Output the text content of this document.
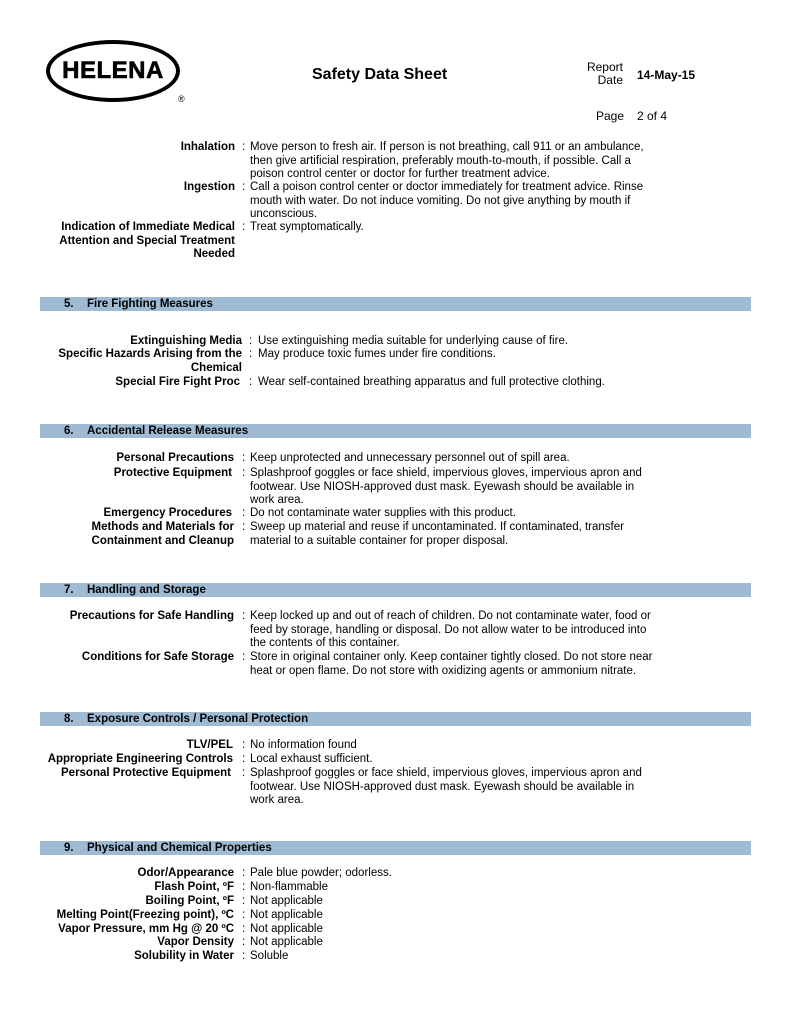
HELENA
®
Safety Data Sheet	Report
Date 14-May-15
Page 2 of 4
Inhalation : Move person to fresh air. If person is not breathing, call 911 or an ambulance,
then give artificial respiration, preferably mouth-to-mouth, if possible. Call a
poison control center or doctor for further treatment advice.
Ingestion : Call a poison control center or doctor immediately for treatment advice. Rinse
mouth with water. Do not induce vomiting. Do not give anything by mouth if
unconscious.
Indication of Immediate Medical
Attention and Special Treatment
Needed
: Treat symptomatically.
5. Fire Fighting Measures
Extinguishing Media : Use extinguishing media suitable for underlying cause of fire.
Specific Hazards Arising from the
Chemical
: May produce toxic fumes under fire conditions.
Special Fire Fight Proc : Wear self-contained breathing apparatus and full protective clothing.
6. Accidental Release Measures
Personal Precautions : Keep unprotected and unnecessary personnel out of spill area.
Protective Equipment : Splashproof goggles or face shield, impervious gloves, impervious apron and
footwear. Use NIOSH-approved dust mask. Eyewash should be available in
work area.
Emergency Procedures : Do not contaminate water supplies with this product.
Methods and Materials for
Containment and Cleanup
: Sweep up material and reuse if uncontaminated. If contaminated, transfer
material to a suitable container for proper disposal.
7. Handling and Storage
Precautions for Safe Handling : Keep locked up and out of reach of children. Do not contaminate water, food or
feed by storage, handling or disposal. Do not allow water to be introduced into
the contents of this container.
Conditions for Safe Storage : Store in original container only. Keep container tightly closed. Do not store near
heat or open flame. Do not store with oxidizing agents or ammonium nitrate.
8. Exposure Controls / Personal Protection
TLV/PEL : No information found
Appropriate Engineering Controls : Local exhaust sufficient.
Personal Protective Equipment : Splashproof goggles or face shield, impervious gloves, impervious apron and
footwear. Use NIOSH-approved dust mask. Eyewash should be available in
work area.
9. Physical and Chemical Properties
Odor/Appearance : Pale blue powder; odorless.
Flash Point, ºF : Non-flammable
Boiling Point, ºF : Not applicable
Melting Point(Freezing point), ºC : Not applicable
Vapor Pressure, mm Hg @ 20 ºC : Not applicable
Vapor Density : Not applicable
Solubility in Water : Soluble
